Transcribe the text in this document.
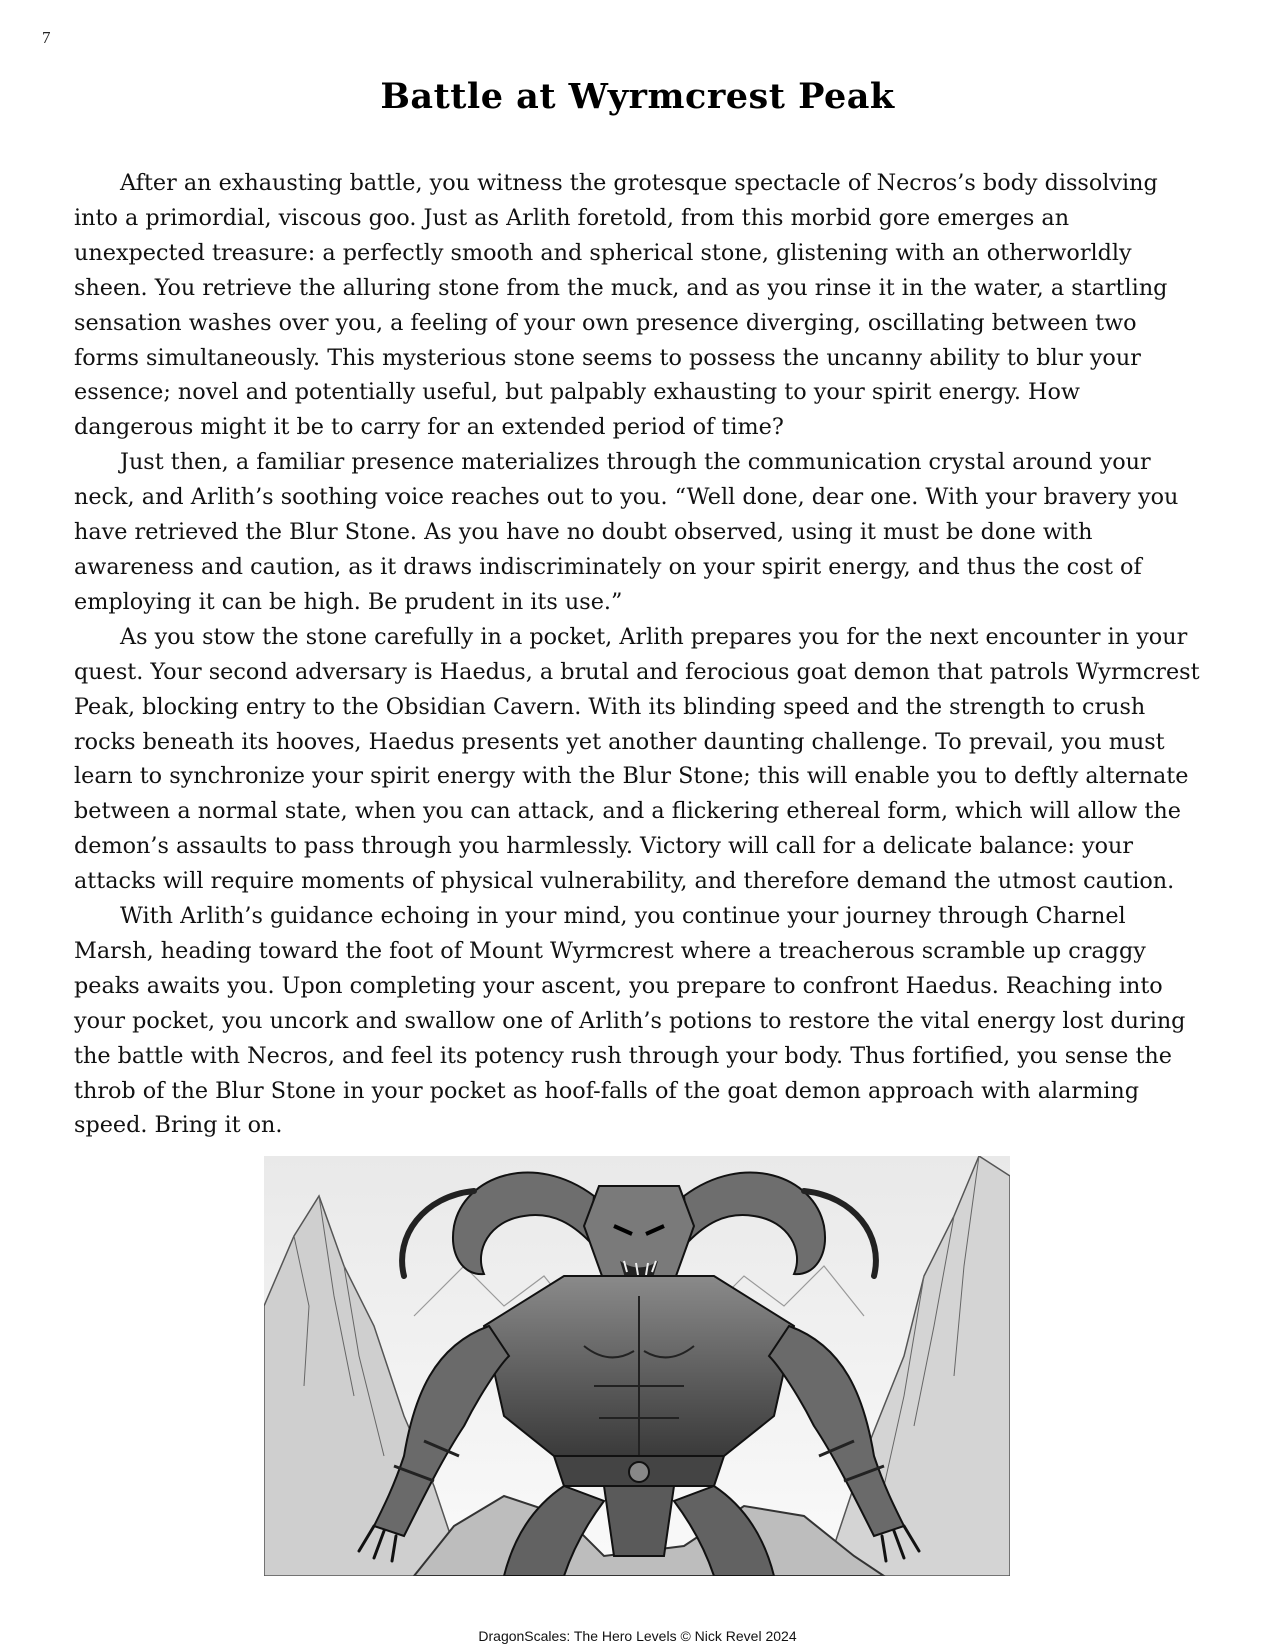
7
Battle at Wyrmcrest Peak

After an exhausting battle, you witness the grotesque spectacle of Necros’s body dissolving into a primordial, viscous goo. Just as Arlith foretold, from this morbid gore emerges an unexpected treasure: a perfectly smooth and spherical stone, glistening with an otherworldly sheen. You retrieve the alluring stone from the muck, and as you rinse it in the water, a startling sensation washes over you, a feeling of your own presence diverging, oscillating between two forms simultaneously. This mysterious stone seems to possess the uncanny ability to blur your essence; novel and potentially useful, but palpably exhausting to your spirit energy. How dangerous might it be to carry for an extended period of time?

Just then, a familiar presence materializes through the communication crystal around your neck, and Arlith’s soothing voice reaches out to you. “Well done, dear one. With your bravery you have retrieved the Blur Stone. As you have no doubt observed, using it must be done with awareness and caution, as it draws indiscriminately on your spirit energy, and thus the cost of employing it can be high. Be prudent in its use.”

As you stow the stone carefully in a pocket, Arlith prepares you for the next encounter in your quest. Your second adversary is Haedus, a brutal and ferocious goat demon that patrols Wyrmcrest Peak, blocking entry to the Obsidian Cavern. With its blinding speed and the strength to crush rocks beneath its hooves, Haedus presents yet another daunting challenge. To prevail, you must learn to synchronize your spirit energy with the Blur Stone; this will enable you to deftly alternate between a normal state, when you can attack, and a flickering ethereal form, which will allow the demon’s assaults to pass through you harmlessly. Victory will call for a delicate balance: your attacks will require moments of physical vulnerability, and therefore demand the utmost caution.

With Arlith’s guidance echoing in your mind, you continue your journey through Charnel Marsh, heading toward the foot of Mount Wyrmcrest where a treacherous scramble up craggy peaks awaits you. Upon completing your ascent, you prepare to confront Haedus. Reaching into your pocket, you uncork and swallow one of Arlith’s potions to restore the vital energy lost during the battle with Necros, and feel its potency rush through your body. Thus fortified, you sense the throb of the Blur Stone in your pocket as hoof-falls of the goat demon approach with alarming speed. Bring it on.

DragonScales: The Hero Levels © Nick Revel 2024
